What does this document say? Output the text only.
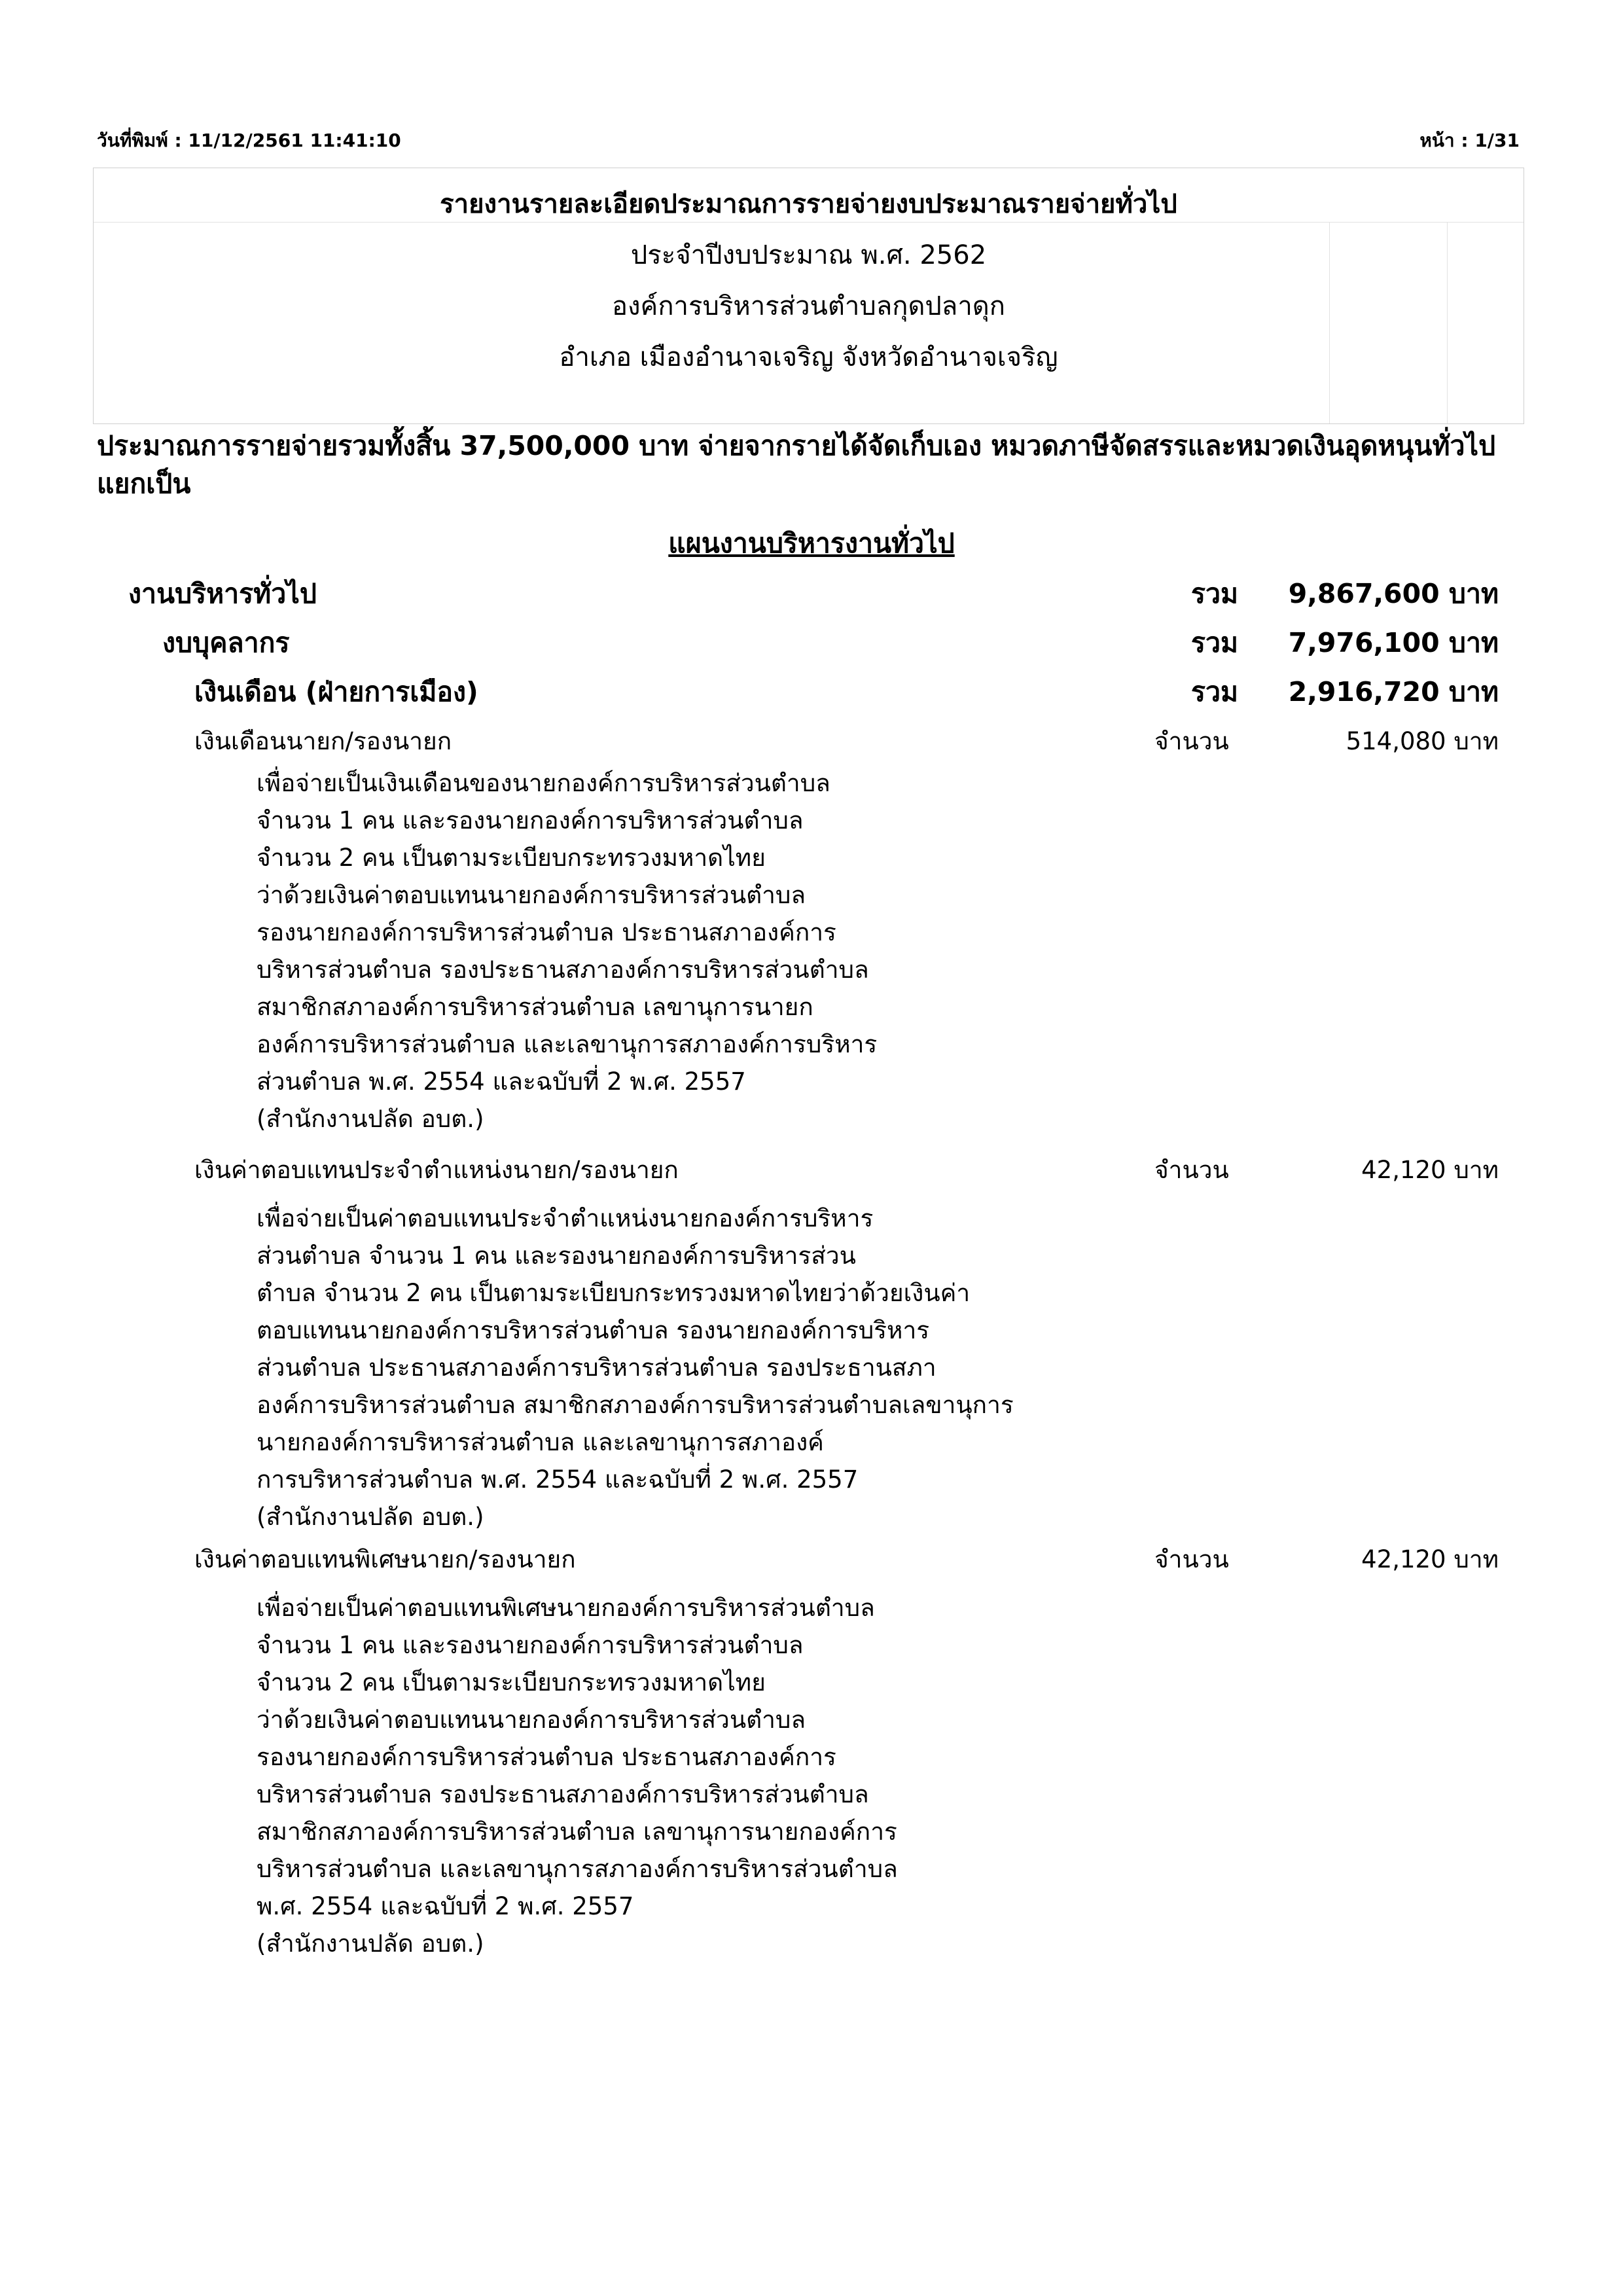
วันที่พิมพ์ : 11/12/2561 11:41:10	หน้า : 1/31
รายงานรายละเอียดประมาณการรายจ่ายงบประมาณรายจ่ายทั่วไป
ประจำปีงบประมาณ พ.ศ. 2562
องค์การบริหารส่วนตำบลกุดปลาดุก
อำเภอ เมืองอำนาจเจริญ จังหวัดอำนาจเจริญ
ประมาณการรายจ่ายรวมทั้งสิ้น 37,500,000 บาท จ่ายจากรายได้จัดเก็บเอง หมวดภาษีจัดสรรและหมวดเงินอุดหนุนทั่วไป แยกเป็น
แผนงานบริหารงานทั่วไป
งานบริหารทั่วไป	รวม 9,867,600 บาท
งบบุคลากร	รวม 7,976,100 บาท
เงินเดือน (ฝ่ายการเมือง)	รวม 2,916,720 บาท
เงินเดือนนายก/รองนายก	จำนวน	514,080 บาท
เพื่อจ่ายเป็นเงินเดือนของนายกองค์การบริหารส่วนตำบล
จำนวน 1 คน และรองนายกองค์การบริหารส่วนตำบล
จำนวน 2 คน เป็นตามระเบียบกระทรวงมหาดไทย
ว่าด้วยเงินค่าตอบแทนนายกองค์การบริหารส่วนตำบล
รองนายกองค์การบริหารส่วนตำบล ประธานสภาองค์การ
บริหารส่วนตำบล รองประธานสภาองค์การบริหารส่วนตำบล
สมาชิกสภาองค์การบริหารส่วนตำบล เลขานุการนายก
องค์การบริหารส่วนตำบล และเลขานุการสภาองค์การบริหาร
ส่วนตำบล พ.ศ. 2554 และฉบับที่ 2 พ.ศ. 2557
(สำนักงานปลัด อบต.)
เงินค่าตอบแทนประจำตำแหน่งนายก/รองนายก	จำนวน	42,120 บาท
เพื่อจ่ายเป็นค่าตอบแทนประจำตำแหน่งนายกองค์การบริหาร
ส่วนตำบล จำนวน 1 คน และรองนายกองค์การบริหารส่วน
ตำบล จำนวน 2 คน เป็นตามระเบียบกระทรวงมหาดไทยว่าด้วยเงินค่า
ตอบแทนนายกองค์การบริหารส่วนตำบล รองนายกองค์การบริหาร
ส่วนตำบล ประธานสภาองค์การบริหารส่วนตำบล รองประธานสภา
องค์การบริหารส่วนตำบล สมาชิกสภาองค์การบริหารส่วนตำบลเลขานุการ
นายกองค์การบริหารส่วนตำบล และเลขานุการสภาองค์
การบริหารส่วนตำบล พ.ศ. 2554 และฉบับที่ 2 พ.ศ. 2557
(สำนักงานปลัด อบต.)
เงินค่าตอบแทนพิเศษนายก/รองนายก	จำนวน	42,120 บาท
เพื่อจ่ายเป็นค่าตอบแทนพิเศษนายกองค์การบริหารส่วนตำบล
จำนวน 1 คน และรองนายกองค์การบริหารส่วนตำบล
จำนวน 2 คน เป็นตามระเบียบกระทรวงมหาดไทย
ว่าด้วยเงินค่าตอบแทนนายกองค์การบริหารส่วนตำบล
รองนายกองค์การบริหารส่วนตำบล ประธานสภาองค์การ
บริหารส่วนตำบล รองประธานสภาองค์การบริหารส่วนตำบล
สมาชิกสภาองค์การบริหารส่วนตำบล เลขานุการนายกองค์การ
บริหารส่วนตำบล และเลขานุการสภาองค์การบริหารส่วนตำบล
พ.ศ. 2554 และฉบับที่ 2 พ.ศ. 2557
(สำนักงานปลัด อบต.)
